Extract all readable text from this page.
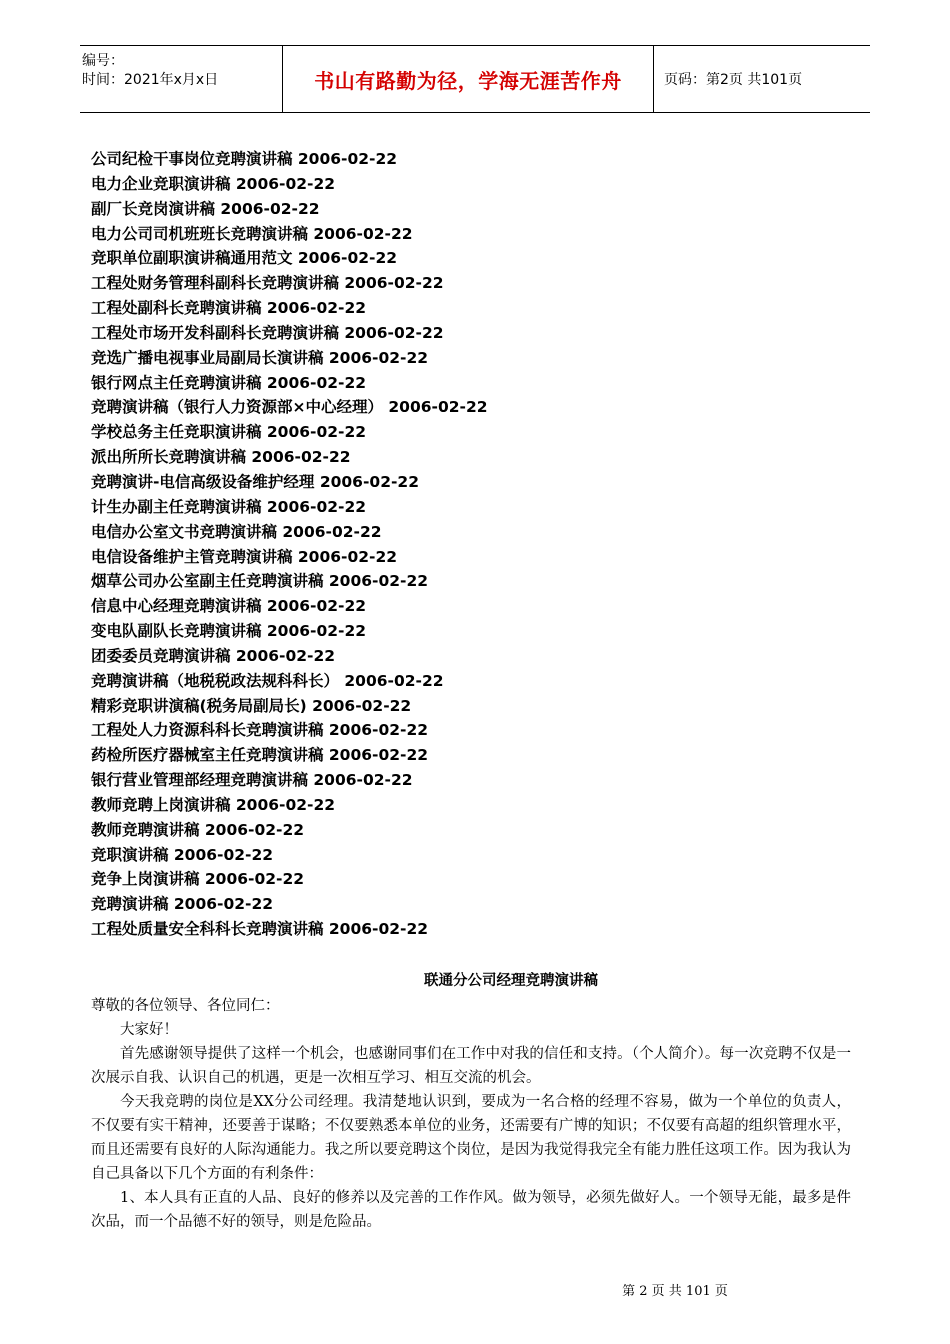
编号：
时间：2021年x月x日	书山有路勤为径，学海无涯苦作舟	页码：第2页 共101页
公司纪检干事岗位竞聘演讲稿 2006-02-22
电力企业竞职演讲稿 2006-02-22
副厂长竞岗演讲稿 2006-02-22
电力公司司机班班长竞聘演讲稿 2006-02-22
竞职单位副职演讲稿通用范文 2006-02-22
工程处财务管理科副科长竞聘演讲稿 2006-02-22
工程处副科长竞聘演讲稿 2006-02-22
工程处市场开发科副科长竞聘演讲稿 2006-02-22
竞选广播电视事业局副局长演讲稿 2006-02-22
银行网点主任竞聘演讲稿 2006-02-22
竞聘演讲稿（银行人力资源部×中心经理） 2006-02-22
学校总务主任竞职演讲稿 2006-02-22
派出所所长竞聘演讲稿 2006-02-22
竞聘演讲-电信高级设备维护经理 2006-02-22
计生办副主任竞聘演讲稿 2006-02-22
电信办公室文书竞聘演讲稿 2006-02-22
电信设备维护主管竞聘演讲稿 2006-02-22
烟草公司办公室副主任竞聘演讲稿 2006-02-22
信息中心经理竞聘演讲稿 2006-02-22
变电队副队长竞聘演讲稿 2006-02-22
团委委员竞聘演讲稿 2006-02-22
竞聘演讲稿（地税税政法规科科长） 2006-02-22
精彩竞职讲演稿(税务局副局长) 2006-02-22
工程处人力资源科科长竞聘演讲稿 2006-02-22
药检所医疗器械室主任竞聘演讲稿 2006-02-22
银行营业管理部经理竞聘演讲稿 2006-02-22
教师竞聘上岗演讲稿 2006-02-22
教师竞聘演讲稿 2006-02-22
竞职演讲稿 2006-02-22
竞争上岗演讲稿 2006-02-22
竞聘演讲稿 2006-02-22
工程处质量安全科科长竞聘演讲稿 2006-02-22
联通分公司经理竞聘演讲稿

尊敬的各位领导、各位同仁：

大家好！

首先感谢领导提供了这样一个机会，也感谢同事们在工作中对我的信任和支持。（个人简介）。每一次竞聘不仅是一次展示自我、认识自己的机遇，更是一次相互学习、相互交流的机会。

今天我竞聘的岗位是XX分公司经理。我清楚地认识到，要成为一名合格的经理不容易，做为一个单位的负责人，不仅要有实干精神，还要善于谋略；不仅要熟悉本单位的业务，还需要有广博的知识；不仅要有高超的组织管理水平，而且还需要有良好的人际沟通能力。我之所以要竞聘这个岗位，是因为我觉得我完全有能力胜任这项工作。因为我认为自己具备以下几个方面的有利条件：

1、本人具有正直的人品、良好的修养以及完善的工作作风。做为领导，必须先做好人。一个领导无能，最多是件次品，而一个品德不好的领导，则是危险品。

第 2 页 共 101 页
